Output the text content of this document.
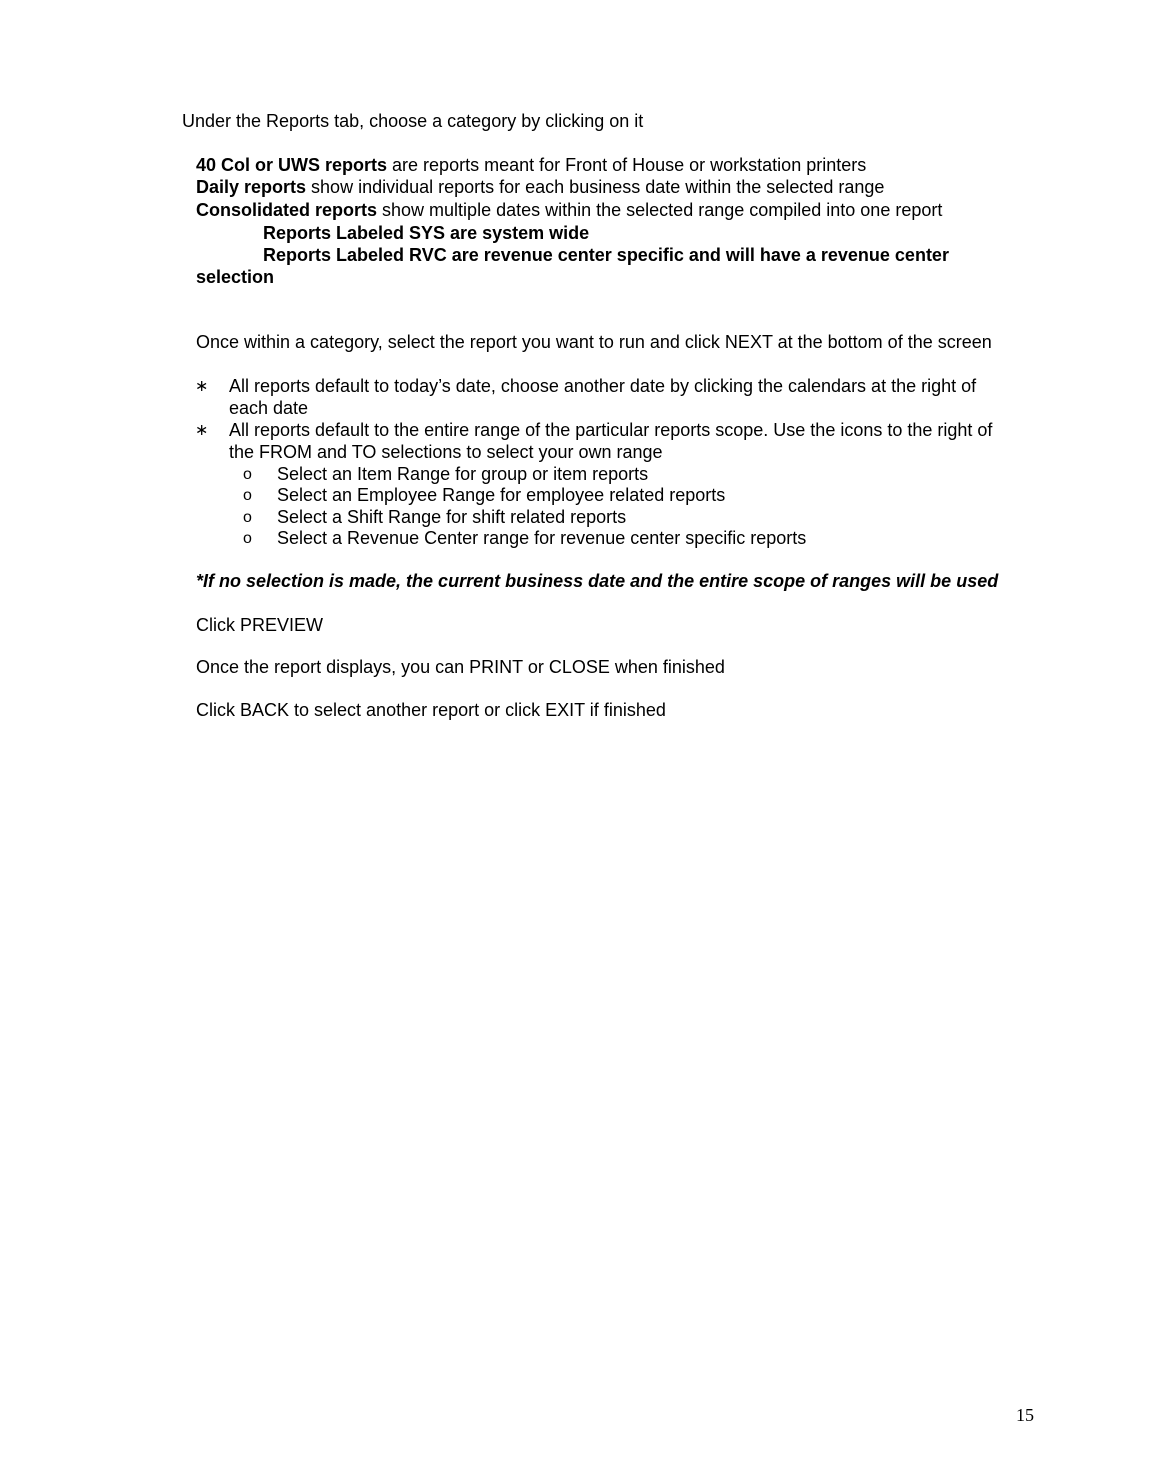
Under the Reports tab, choose a category by clicking on it
40 Col or UWS reports are reports meant for Front of House or workstation printers
Daily reports show individual reports for each business date within the selected range
Consolidated reports show multiple dates within the selected range compiled into one report
Reports Labeled SYS are system wide
Reports Labeled RVC are revenue center specific and will have a revenue center
selection
Once within a category, select the report you want to run and click NEXT at the bottom of the screen
∗ All reports default to today’s date, choose another date by clicking the calendars at the right of
each date
∗ All reports default to the entire range of the particular reports scope. Use the icons to the right of
the FROM and TO selections to select your own range
o Select an Item Range for group or item reports
o Select an Employee Range for employee related reports
o Select a Shift Range for shift related reports
o Select a Revenue Center range for revenue center specific reports
*If no selection is made, the current business date and the entire scope of ranges will be used
Click PREVIEW
Once the report displays, you can PRINT or CLOSE when finished
Click BACK to select another report or click EXIT if finished
15
